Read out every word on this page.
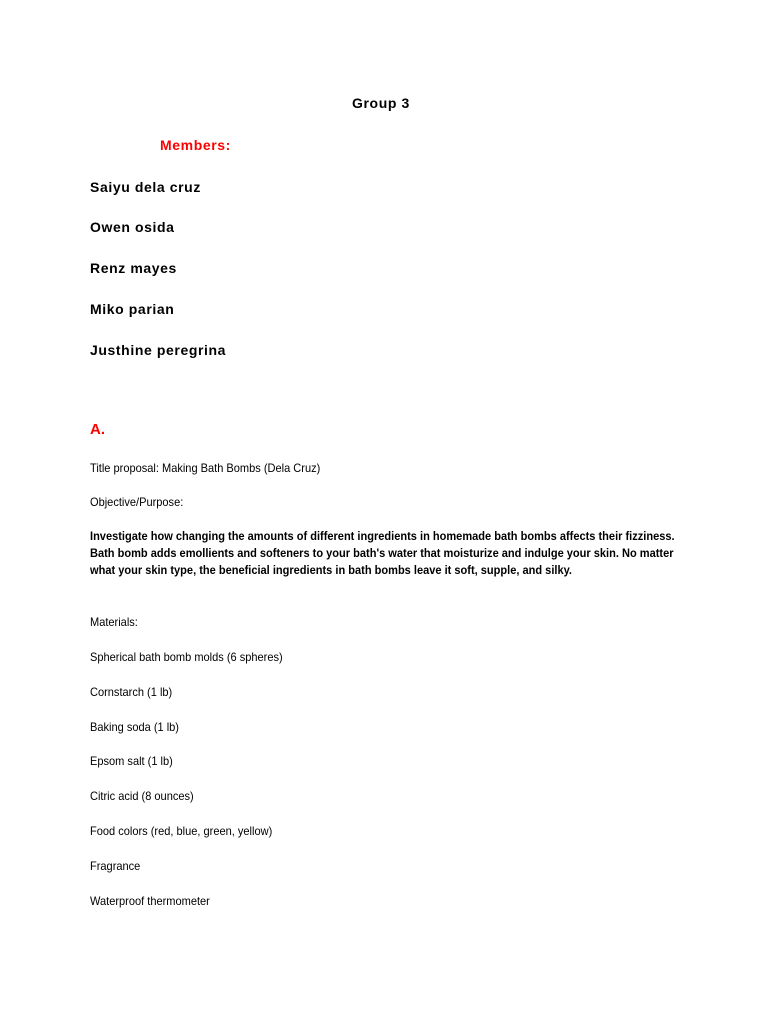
Group 3
Members:
Saiyu dela cruz
Owen osida
Renz mayes
Miko parian
Justhine peregrina
A.
Title proposal: Making Bath Bombs (Dela Cruz)
Objective/Purpose:
Investigate how changing the amounts of different ingredients in homemade bath bombs affects their fizziness. Bath bomb adds emollients and softeners to your bath's water that moisturize and indulge your skin. No matter what your skin type, the beneficial ingredients in bath bombs leave it soft, supple, and silky.
Materials:
Spherical bath bomb molds (6 spheres)
Cornstarch (1 lb)
Baking soda (1 lb)
Epsom salt (1 lb)
Citric acid (8 ounces)
Food colors (red, blue, green, yellow)
Fragrance
Waterproof thermometer
